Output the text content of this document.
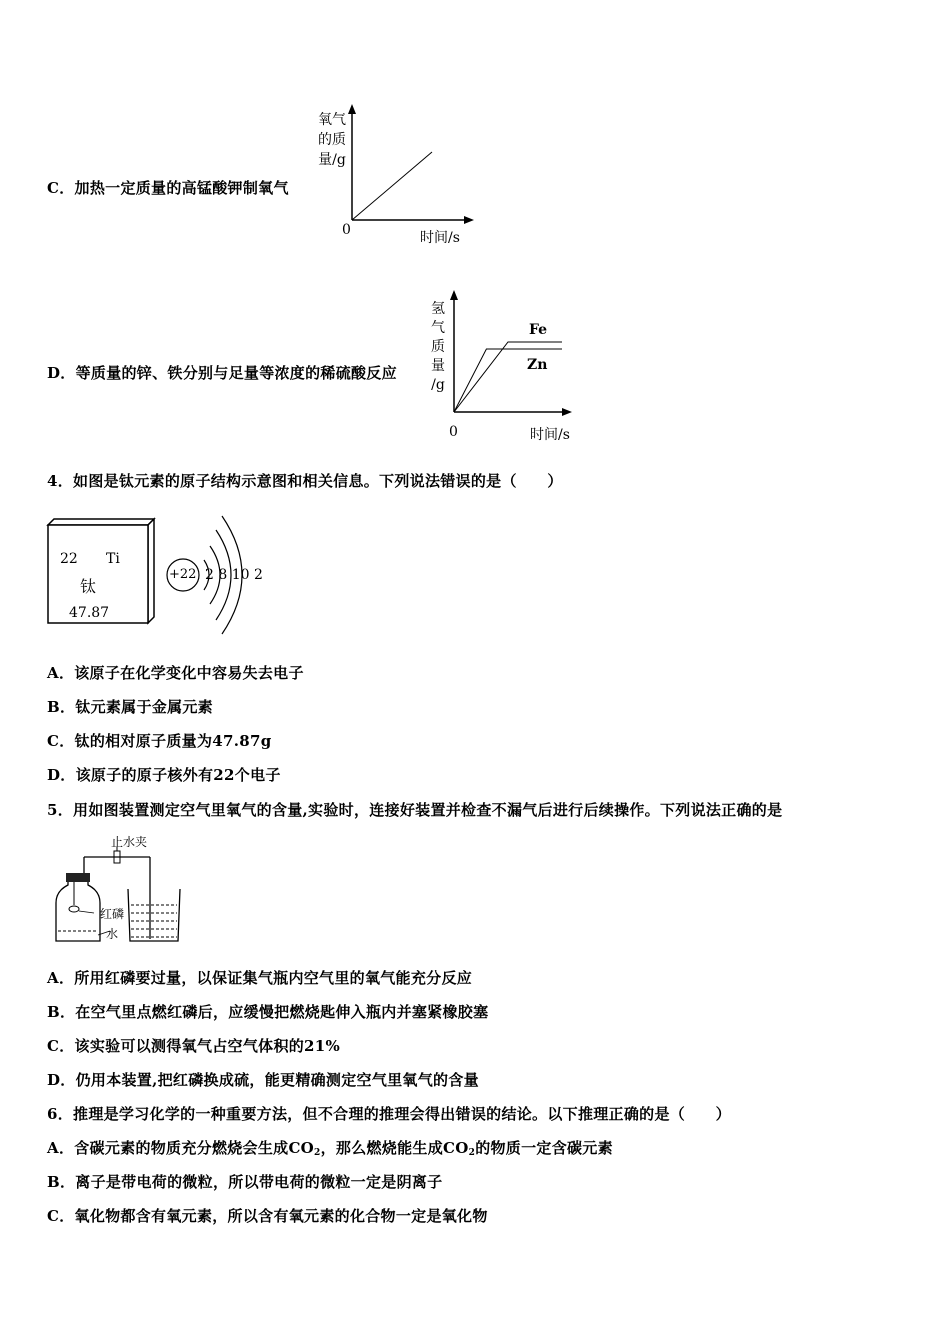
C．加热一定质量的高锰酸钾制氧气
氧气
的质
量/g
0	时间/s
D．等质量的锌、铁分别与足量等浓度的稀硫酸反应
氢
气
质
量
/g
Fe
Zn
0	时间/s
4．如图是钛元素的原子结构示意图和相关信息。下列说法错误的是（　　）
22 Ti
钛
47.87
+22 2 8 10 2
A．该原子在化学变化中容易失去电子
B．钛元素属于金属元素
C．钛的相对原子质量为47.87g
D．该原子的原子核外有22个电子
5．用如图装置测定空气里氧气的含量,实验时，连接好装置并检查不漏气后进行后续操作。下列说法正确的是
止水夹
红磷
水
A．所用红磷要过量，以保证集气瓶内空气里的氧气能充分反应
B．在空气里点燃红磷后，应缓慢把燃烧匙伸入瓶内并塞紧橡胶塞
C．该实验可以测得氧气占空气体积的21%
D．仍用本装置,把红磷换成硫，能更精确测定空气里氧气的含量
6．推理是学习化学的一种重要方法，但不合理的推理会得出错误的结论。以下推理正确的是（　　）
A．含碳元素的物质充分燃烧会生成$CO_2$，那么燃烧能生成$CO_2$的物质一定含碳元素
B．离子是带电荷的微粒，所以带电荷的微粒一定是阴离子
C．氧化物都含有氧元素，所以含有氧元素的化合物一定是氧化物
